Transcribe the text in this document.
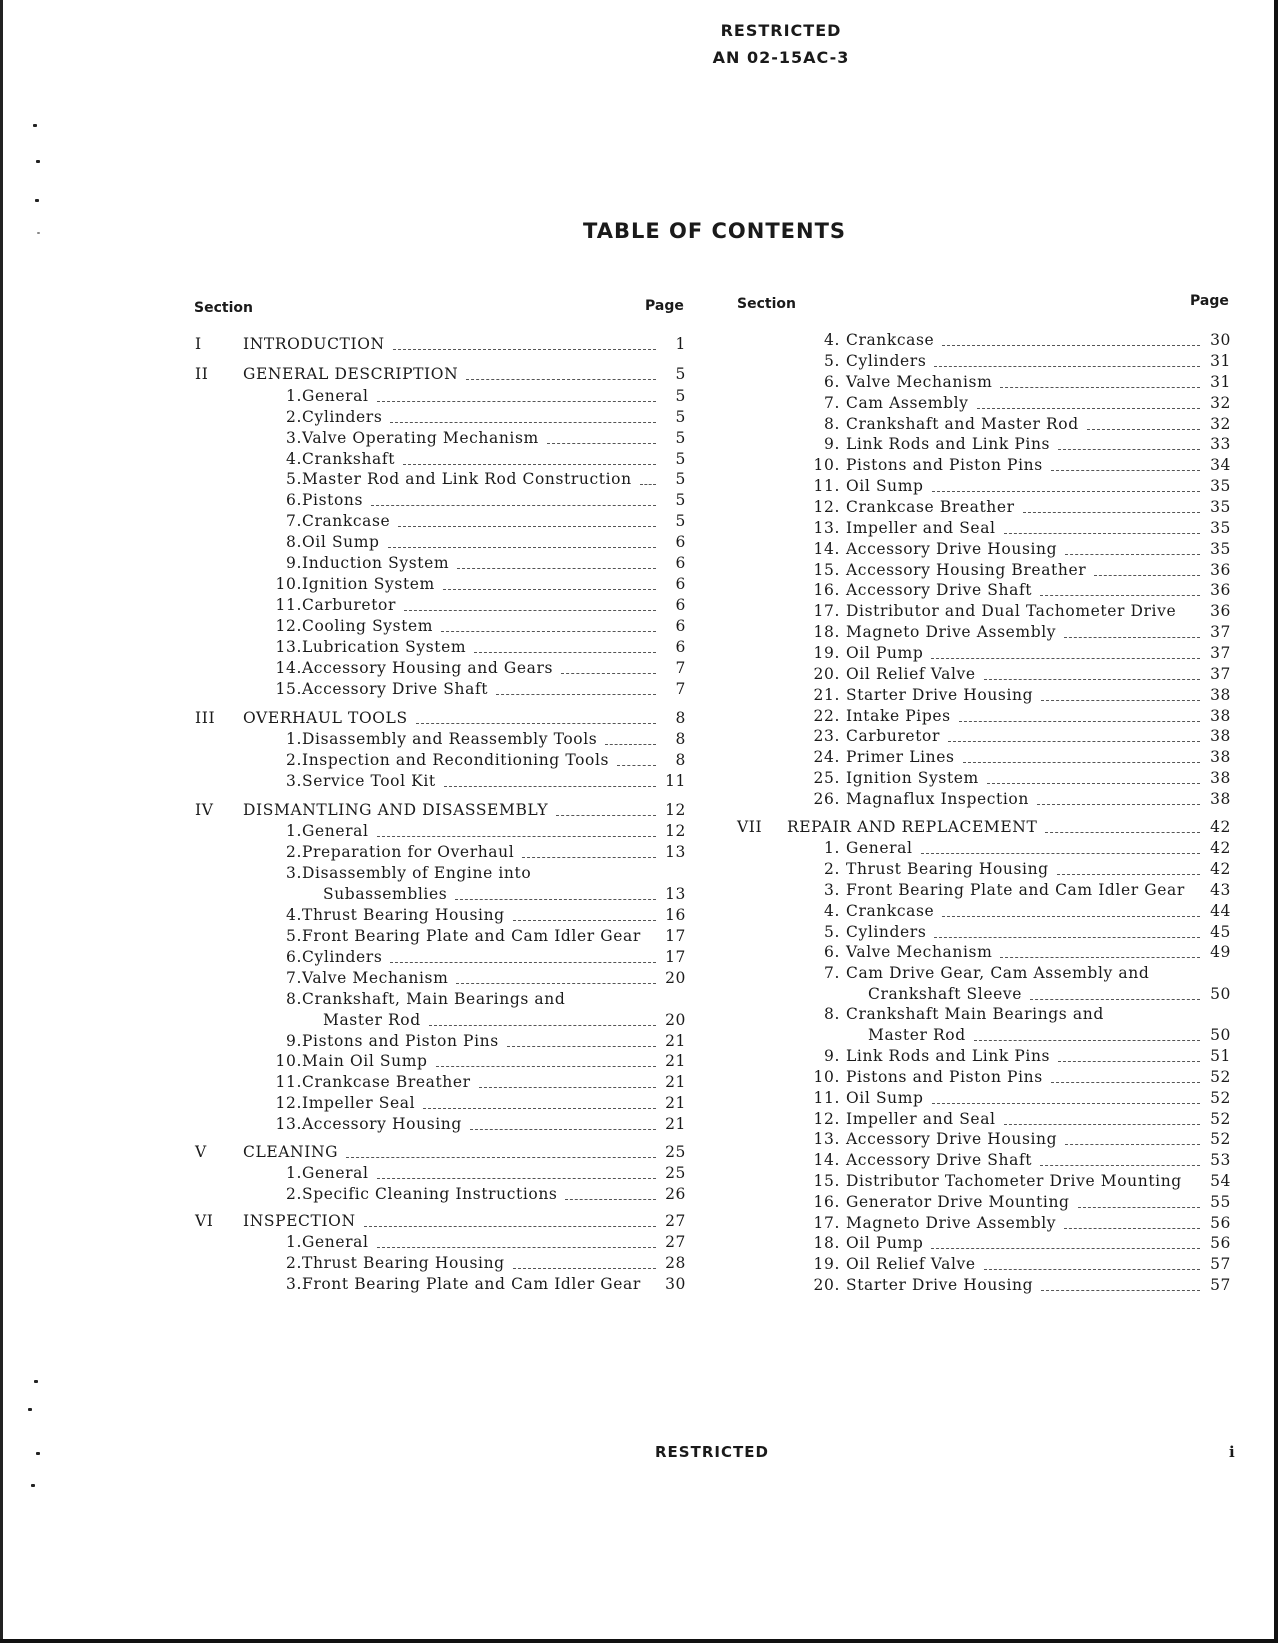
RESTRICTED
AN 02-15AC-3
TABLE OF CONTENTS
Section	Page	Section	Page
I	INTRODUCTION	1
II	GENERAL DESCRIPTION	5
1. General	5
2. Cylinders	5
3. Valve Operating Mechanism	5
4. Crankshaft	5
5. Master Rod and Link Rod Construction	5
6. Pistons	5
7. Crankcase	5
8. Oil Sump	6
9. Induction System	6
10. Ignition System	6
11. Carburetor	6
12. Cooling System	6
13. Lubrication System	6
14. Accessory Housing and Gears	7
15. Accessory Drive Shaft	7
III	OVERHAUL TOOLS	8
1. Disassembly and Reassembly Tools	8
2. Inspection and Reconditioning Tools	8
3. Service Tool Kit	11
IV	DISMANTLING AND DISASSEMBLY	12
1. General	12
2. Preparation for Overhaul	13
3. Disassembly of Engine into
Subassemblies	13
4. Thrust Bearing Housing	16
5. Front Bearing Plate and Cam Idler Gear	17
6. Cylinders	17
7. Valve Mechanism	20
8. Crankshaft, Main Bearings and
Master Rod	20
9. Pistons and Piston Pins	21
10. Main Oil Sump	21
11. Crankcase Breather	21
12. Impeller Seal	21
13. Accessory Housing	21
V	CLEANING	25
1. General	25
2. Specific Cleaning Instructions	26
VI	INSPECTION	27
1. General	27
2. Thrust Bearing Housing	28
3. Front Bearing Plate and Cam Idler Gear	30
4. Crankcase	30
5. Cylinders	31
6. Valve Mechanism	31
7. Cam Assembly	32
8. Crankshaft and Master Rod	32
9. Link Rods and Link Pins	33
10. Pistons and Piston Pins	34
11. Oil Sump	35
12. Crankcase Breather	35
13. Impeller and Seal	35
14. Accessory Drive Housing	35
15. Accessory Housing Breather	36
16. Accessory Drive Shaft	36
17. Distributor and Dual Tachometer Drive	36
18. Magneto Drive Assembly	37
19. Oil Pump	37
20. Oil Relief Valve	37
21. Starter Drive Housing	38
22. Intake Pipes	38
23. Carburetor	38
24. Primer Lines	38
25. Ignition System	38
26. Magnaflux Inspection	38
VII	REPAIR AND REPLACEMENT	42
1. General	42
2. Thrust Bearing Housing	42
3. Front Bearing Plate and Cam Idler Gear	43
4. Crankcase	44
5. Cylinders	45
6. Valve Mechanism	49
7. Cam Drive Gear, Cam Assembly and
Crankshaft Sleeve	50
8. Crankshaft Main Bearings and
Master Rod	50
9. Link Rods and Link Pins	51
10. Pistons and Piston Pins	52
11. Oil Sump	52
12. Impeller and Seal	52
13. Accessory Drive Housing	52
14. Accessory Drive Shaft	53
15. Distributor Tachometer Drive Mounting	54
16. Generator Drive Mounting	55
17. Magneto Drive Assembly	56
18. Oil Pump	56
19. Oil Relief Valve	57
20. Starter Drive Housing	57
RESTRICTED	i
